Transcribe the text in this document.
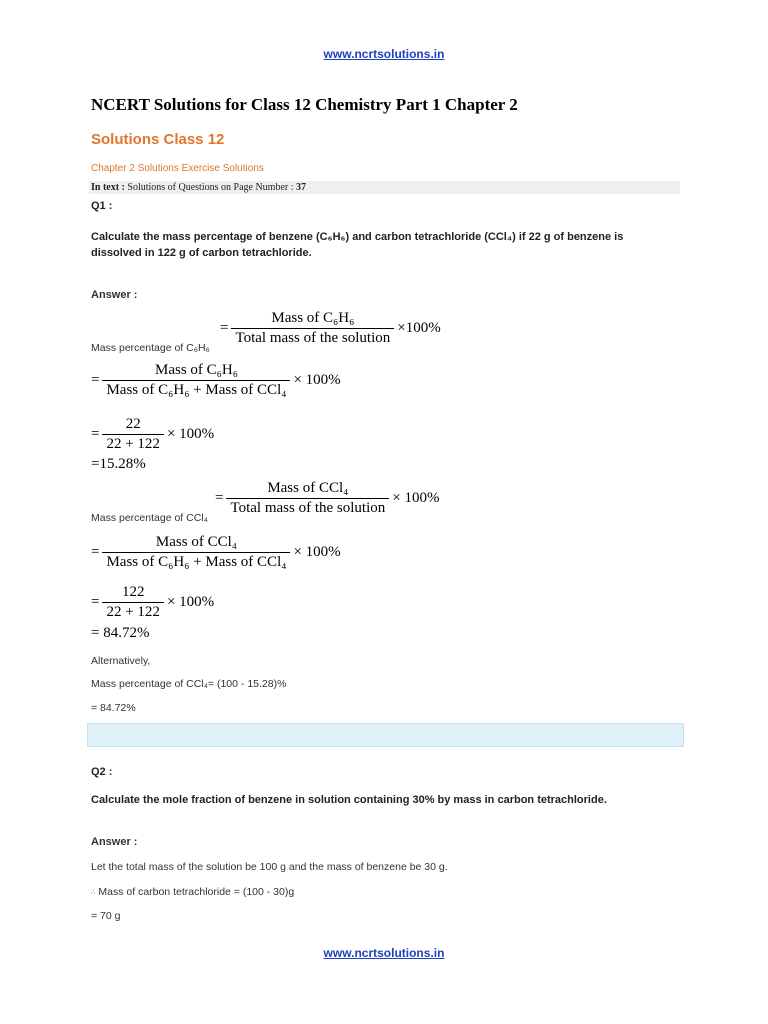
www.ncrtsolutions.in
NCERT Solutions for Class 12 Chemistry Part 1 Chapter 2
Solutions Class 12
Chapter 2 Solutions Exercise Solutions
In text : Solutions of Questions on Page Number : 37
Q1 :
Calculate the mass percentage of benzene (C₆H₆) and carbon tetrachloride (CCl₄) if 22 g of benzene is
dissolved in 122 g of carbon tetrachloride.
Answer :
= $\frac{\text{Mass of C₆H₆}}{\text{Total mass of the solution}} \times 100\%$
Mass percentage of C₆H₆
= $\frac{\text{Mass of C₆H₆}}{\text{Mass of C₆H₆ + Mass of CCl₄}} \times 100\%$
= $\frac{22}{22 + 122} \times 100\%$
=15.28%
= $\frac{\text{Mass of CCl₄}}{\text{Total mass of the solution}} \times 100\%$
Mass percentage of CCl₄
= $\frac{\text{Mass of CCl₄}}{\text{Mass of C₆H₆ + Mass of CCl₄}} \times 100\%$
= $\frac{122}{22 + 122} \times 100\%$
= 84.72%
Alternatively,
Mass percentage of CCl₄= (100 - 15.28)%
= 84.72%
Q2 :
Calculate the mole fraction of benzene in solution containing 30% by mass in carbon tetrachloride.
Answer :
Let the total mass of the solution be 100 g and the mass of benzene be 30 g.
∴ Mass of carbon tetrachloride = (100 - 30)g
= 70 g
www.ncrtsolutions.in
